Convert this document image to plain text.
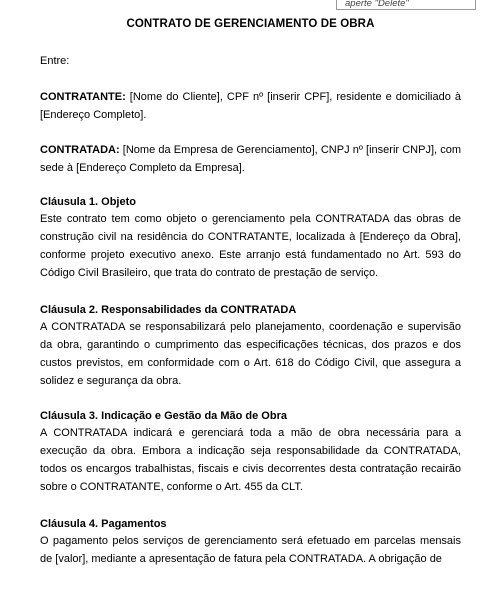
aperte "Delete"
CONTRATO DE GERENCIAMENTO DE OBRA
Entre:
CONTRATANTE: [Nome do Cliente], CPF nº [inserir CPF], residente e domiciliado à [Endereço Completo].
CONTRATADA: [Nome da Empresa de Gerenciamento], CNPJ nº [inserir CNPJ], com sede à [Endereço Completo da Empresa].
Cláusula 1. Objeto
Este contrato tem como objeto o gerenciamento pela CONTRATADA das obras de construção civil na residência do CONTRATANTE, localizada à [Endereço da Obra], conforme projeto executivo anexo. Este arranjo está fundamentado no Art. 593 do Código Civil Brasileiro, que trata do contrato de prestação de serviço.
Cláusula 2. Responsabilidades da CONTRATADA
A CONTRATADA se responsabilizará pelo planejamento, coordenação e supervisão da obra, garantindo o cumprimento das especificações técnicas, dos prazos e dos custos previstos, em conformidade com o Art. 618 do Código Civil, que assegura a solidez e segurança da obra.
Cláusula 3. Indicação e Gestão da Mão de Obra
A CONTRATADA indicará e gerenciará toda a mão de obra necessária para a execução da obra. Embora a indicação seja responsabilidade da CONTRATADA, todos os encargos trabalhistas, fiscais e civis decorrentes desta contratação recairão sobre o CONTRATANTE, conforme o Art. 455 da CLT.
Cláusula 4. Pagamentos
O pagamento pelos serviços de gerenciamento será efetuado em parcelas mensais de [valor], mediante a apresentação de fatura pela CONTRATADA. A obrigação de
